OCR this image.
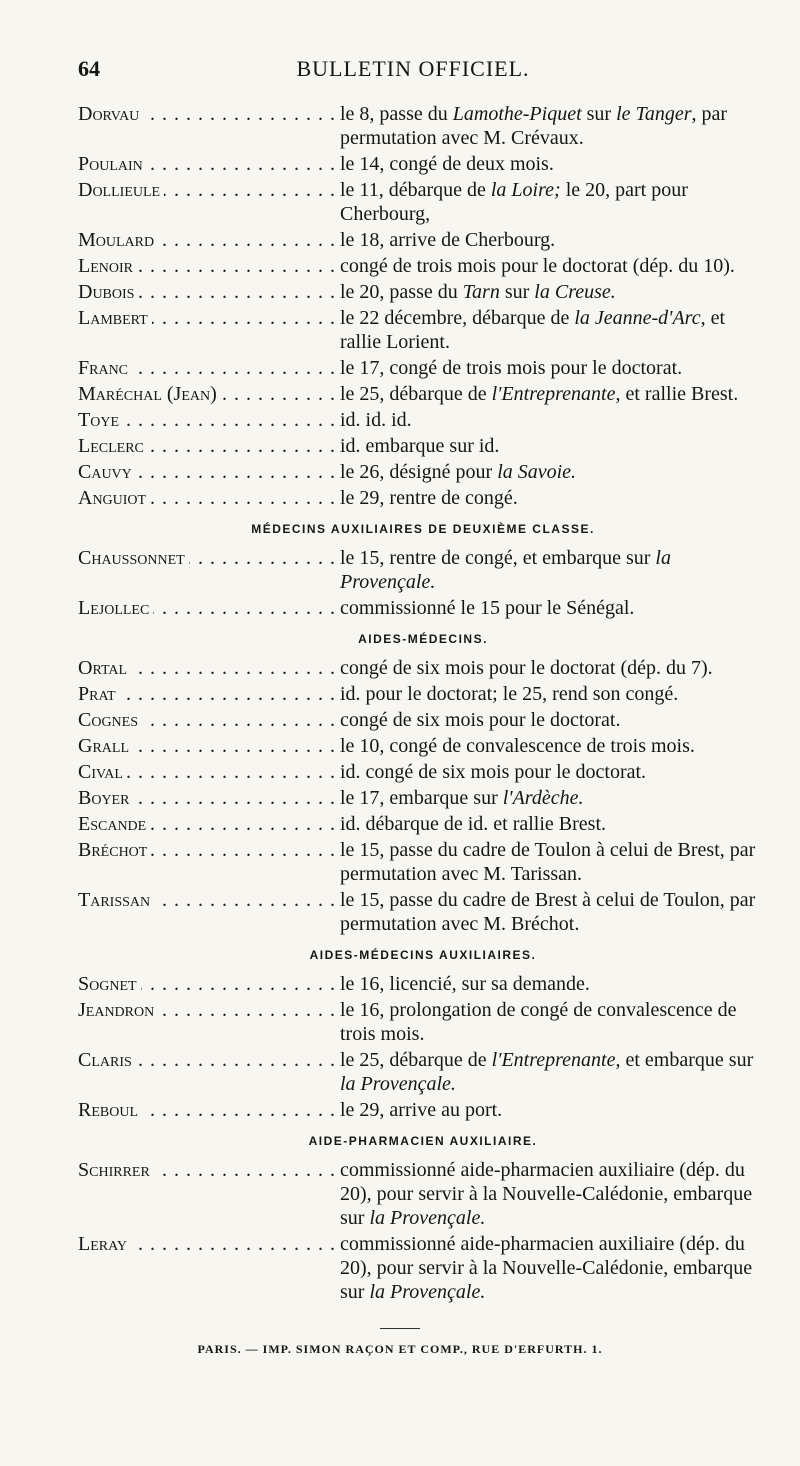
64	BULLETIN OFFICIEL.
Dorvau . . .	le 8, passe du Lamothe-Piquet sur le Tanger, par permutation avec M. Crévaux.
Poulain . . .	le 14, congé de deux mois.
Dollieule . . .	le 11, débarque de la Loire; le 20, part pour Cherbourg,
Moulard . . .	le 18, arrive de Cherbourg.
Lenoir . . .	congé de trois mois pour le doctorat (dép. du 10).
Dubois . . .	le 20, passe du Tarn sur la Creuse.
Lambert . . .	le 22 décembre, débarque de la Jeanne-d'Arc, et rallie Lorient.
Franc . . .	le 17, congé de trois mois pour le doctorat.
Maréchal (Jean) . . .	le 25, débarque de l'Entreprenante, et rallie Brest.
Toye . . .	id. id. id.
Leclerc . . .	id. embarque sur id.
Cauvy . . .	le 26, désigné pour la Savoie.
Anguiot . . .	le 29, rentre de congé.
MÉDECINS AUXILIAIRES DE DEUXIÈME CLASSE.
Chaussonnet . . .	le 15, rentre de congé, et embarque sur la Provençale.
Lejollec . . .	commissionné le 15 pour le Sénégal.
AIDES-MÉDECINS.
Ortal . . .	congé de six mois pour le doctorat (dép. du 7).
Prat . . .	id. pour le doctorat; le 25, rend son congé.
Cognes . . .	congé de six mois pour le doctorat.
Grall . . .	le 10, congé de convalescence de trois mois.
Cival . . .	id. congé de six mois pour le doctorat.
Boyer . . .	le 17, embarque sur l'Ardèche.
Escande . . .	id. débarque de id. et rallie Brest.
Bréchot . . .	le 15, passe du cadre de Toulon à celui de Brest, par permutation avec M. Tarissan.
Tarissan . . .	le 15, passe du cadre de Brest à celui de Toulon, par permutation avec M. Bréchot.
AIDES-MÉDECINS AUXILIAIRES.
Sognet . . .	le 16, licencié, sur sa demande.
Jeandron . . .	le 16, prolongation de congé de convalescence de trois mois.
Claris . . .	le 25, débarque de l'Entreprenante, et embarque sur la Provençale.
Reboul . . .	le 29, arrive au port.
AIDE-PHARMACIEN AUXILIAIRE.
Schirrer . . .	commissionné aide-pharmacien auxiliaire (dép. du 20), pour servir à la Nouvelle-Calédonie, embarque sur la Provençale.
Leray . . .	commissionné aide-pharmacien auxiliaire (dép. du 20), pour servir à la Nouvelle-Calédonie, embarque sur la Provençale.
PARIS. — IMP. SIMON RAÇON ET COMP., RUE D'ERFURTH. 1.
